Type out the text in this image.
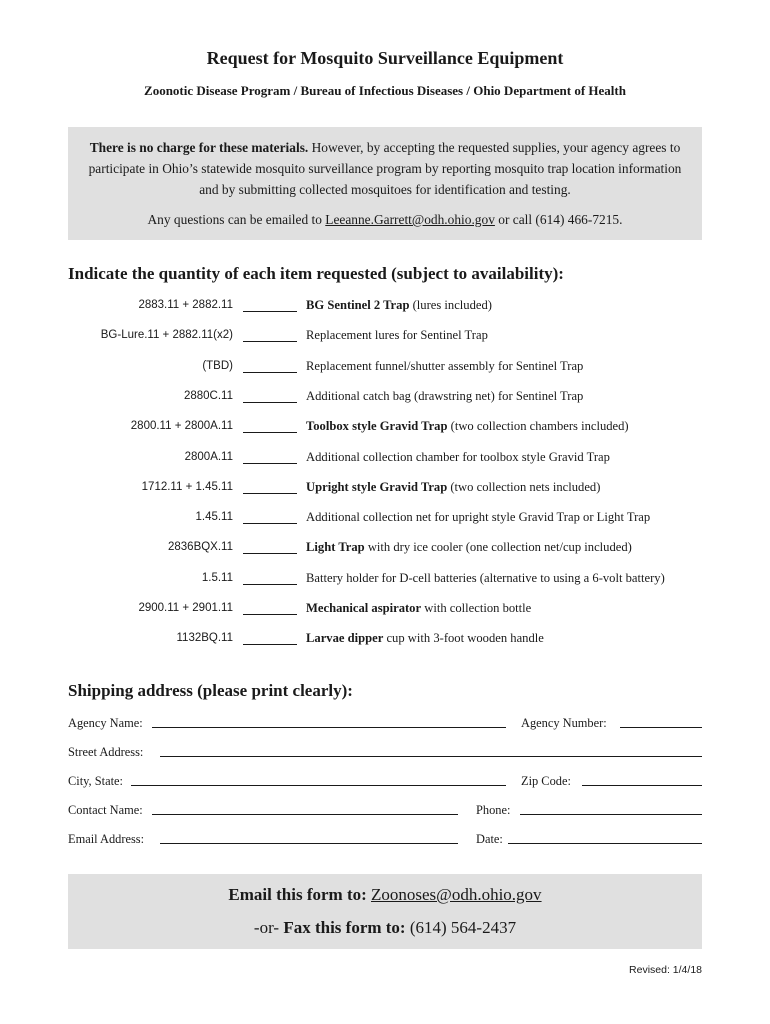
Request for Mosquito Surveillance Equipment
Zoonotic Disease Program / Bureau of Infectious Diseases / Ohio Department of Health

There is no charge for these materials. However, by accepting the requested supplies, your agency agrees to participate in Ohio’s statewide mosquito surveillance program by reporting mosquito trap location information and by submitting collected mosquitoes for identification and testing.

Any questions can be emailed to Leeanne.Garrett@odh.ohio.gov or call (614) 466-7215.

Indicate the quantity of each item requested (subject to availability):
2883.11 + 2882.11	BG Sentinel 2 Trap (lures included)
BG-Lure.11 + 2882.11(x2)	Replacement lures for Sentinel Trap
(TBD)	Replacement funnel/shutter assembly for Sentinel Trap
2880C.11	Additional catch bag (drawstring net) for Sentinel Trap
2800.11 + 2800A.11	Toolbox style Gravid Trap (two collection chambers included)
2800A.11	Additional collection chamber for toolbox style Gravid Trap
1712.11 + 1.45.11	Upright style Gravid Trap (two collection nets included)
1.45.11	Additional collection net for upright style Gravid Trap or Light Trap
2836BQX.11	Light Trap with dry ice cooler (one collection net/cup included)
1.5.11	Battery holder for D-cell batteries (alternative to using a 6-volt battery)
2900.11 + 2901.11	Mechanical aspirator with collection bottle
1132BQ.11	Larvae dipper cup with 3-foot wooden handle
Shipping address (please print clearly):
Agency Name:	Agency Number:
Street Address:
City, State:	Zip Code:
Contact Name:	Phone:
Email Address:	Date:
Email this form to: Zoonoses@odh.ohio.gov
-or- Fax this form to: (614) 564-2437
Revised: 1/4/18
